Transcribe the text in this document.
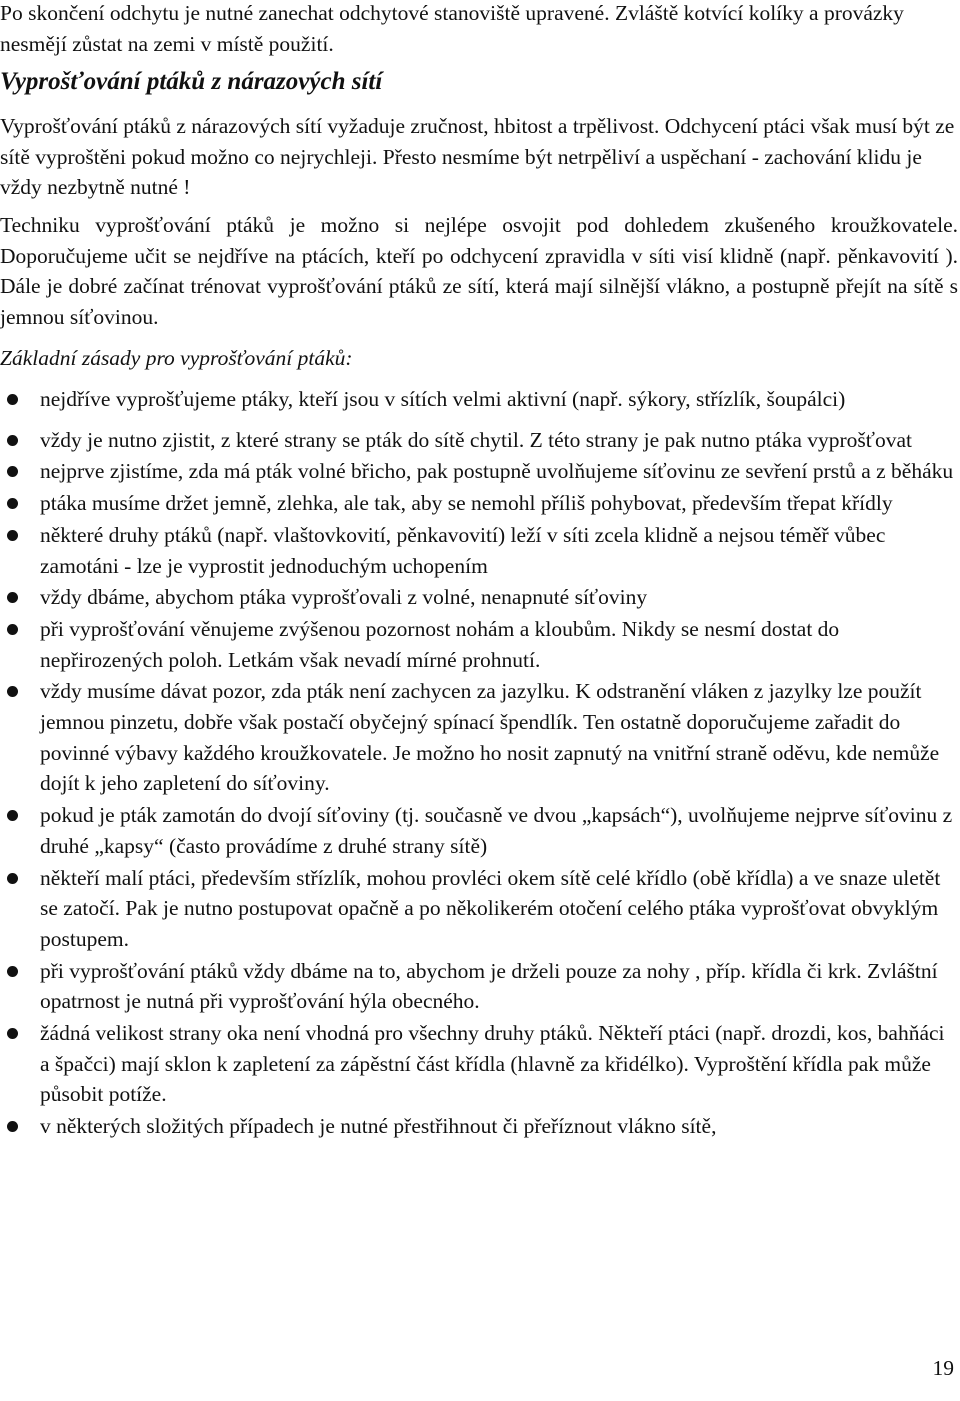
Po skončení odchytu je nutné zanechat odchytové stanoviště upravené. Zvláště kotvící kolíky a provázky nesmějí zůstat na zemi v místě použití.

Vyprošťování ptáků z nárazových sítí

Vyprošťování ptáků z nárazových sítí vyžaduje zručnost, hbitost a trpělivost. Odchycení ptáci však musí být ze sítě vyproštěni pokud možno co nejrychleji. Přesto nesmíme být netrpěliví a uspěchaní - zachování klidu je vždy nezbytně nutné !

Techniku vyprošťování ptáků je možno si nejlépe osvojit pod dohledem zkušeného kroužkovatele. Doporučujeme učit se nejdříve na ptácích, kteří po odchycení zpravidla v síti visí klidně (např. pěnkavovití ). Dále je dobré začínat trénovat vyprošťování ptáků ze sítí, která mají silnější vlákno, a postupně přejít na sítě s jemnou síťovinou.

Základní zásady pro vyprošťování ptáků:

nejdříve vyprošťujeme ptáky, kteří jsou v sítích velmi aktivní (např. sýkory, střízlík, šoupálci)
vždy je nutno zjistit, z které strany se pták do sítě chytil. Z této strany je pak nutno ptáka vyprošťovat
nejprve zjistíme, zda má pták volné břicho, pak postupně uvolňujeme síťovinu ze sevření prstů a z běháku
ptáka musíme držet jemně, zlehka, ale tak, aby se nemohl příliš pohybovat, především třepat křídly
některé druhy ptáků (např. vlaštovkovití, pěnkavovití) leží v síti zcela klidně a nejsou téměř vůbec zamotáni - lze je vyprostit jednoduchým uchopením
vždy dbáme, abychom ptáka vyprošťovali z volné, nenapnuté síťoviny
při vyprošťování věnujeme zvýšenou pozornost nohám a kloubům. Nikdy se nesmí dostat do nepřirozených poloh. Letkám však nevadí mírné prohnutí.
vždy musíme dávat pozor, zda pták není zachycen za jazylku. K odstranění vláken z jazylky lze použít jemnou pinzetu, dobře však postačí obyčejný spínací špendlík. Ten ostatně doporučujeme zařadit do povinné výbavy každého kroužkovatele. Je možno ho nosit zapnutý na vnitřní straně oděvu, kde nemůže dojít k jeho zapletení do síťoviny.
pokud je pták zamotán do dvojí síťoviny (tj. současně ve dvou „kapsách“), uvolňujeme nejprve síťovinu z druhé „kapsy“ (často provádíme z druhé strany sítě)
někteří malí ptáci, především střízlík, mohou provléci okem sítě celé křídlo (obě křídla) a ve snaze uletět se zatočí. Pak je nutno postupovat opačně a po několikerém otočení celého ptáka vyprošťovat obvyklým postupem.
při vyprošťování ptáků vždy dbáme na to, abychom je drželi pouze za nohy , příp. křídla či krk. Zvláštní opatrnost je nutná při vyprošťování hýla obecného.
žádná velikost strany oka není vhodná pro všechny druhy ptáků. Někteří ptáci (např. drozdi, kos, bahňáci a špačci) mají sklon k zapletení za zápěstní část křídla (hlavně za křidélko). Vyproštění křídla pak může působit potíže.
v některých složitých případech je nutné přestřihnout či přeříznout vlákno sítě,
19
